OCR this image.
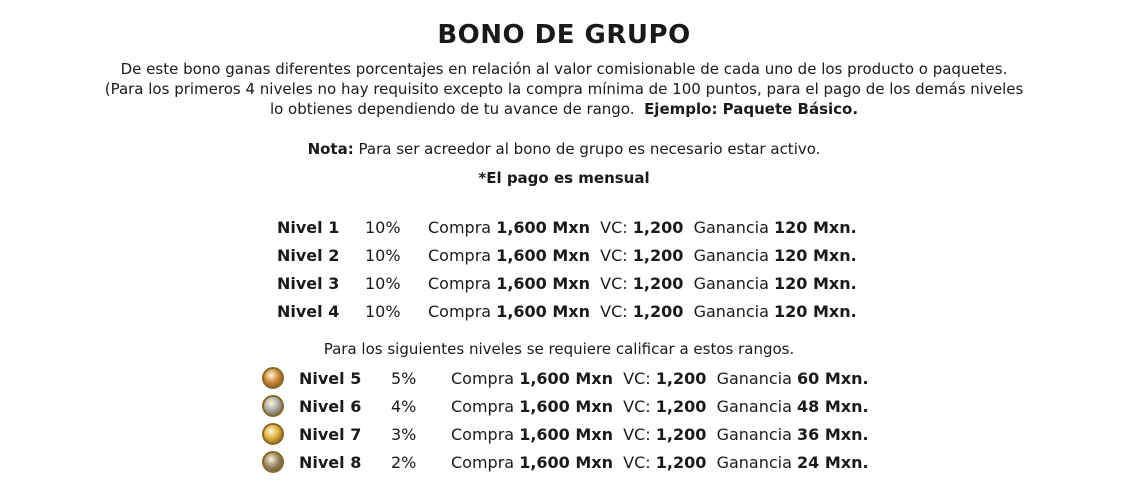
BONO DE GRUPO
De este bono ganas diferentes porcentajes en relación al valor comisionable de cada uno de los producto o paquetes.
(Para los primeros 4 niveles no hay requisito excepto la compra mínima de 100 puntos, para el pago de los demás niveles
lo obtienes dependiendo de tu avance de rango. Ejemplo: Paquete Básico.
Nota: Para ser acreedor al bono de grupo es necesario estar activo.
*El pago es mensual
Nivel 1	10%	Compra 1,600 Mxn VC: 1,200 Ganancia 120 Mxn.
Nivel 2	10%	Compra 1,600 Mxn VC: 1,200 Ganancia 120 Mxn.
Nivel 3	10%	Compra 1,600 Mxn VC: 1,200 Ganancia 120 Mxn.
Nivel 4	10%	Compra 1,600 Mxn VC: 1,200 Ganancia 120 Mxn.
Para los siguientes niveles se requiere calificar a estos rangos.
Nivel 5	5%	Compra 1,600 Mxn VC: 1,200 Ganancia 60 Mxn.
Nivel 6	4%	Compra 1,600 Mxn VC: 1,200 Ganancia 48 Mxn.
Nivel 7	3%	Compra 1,600 Mxn VC: 1,200 Ganancia 36 Mxn.
Nivel 8	2%	Compra 1,600 Mxn VC: 1,200 Ganancia 24 Mxn.
